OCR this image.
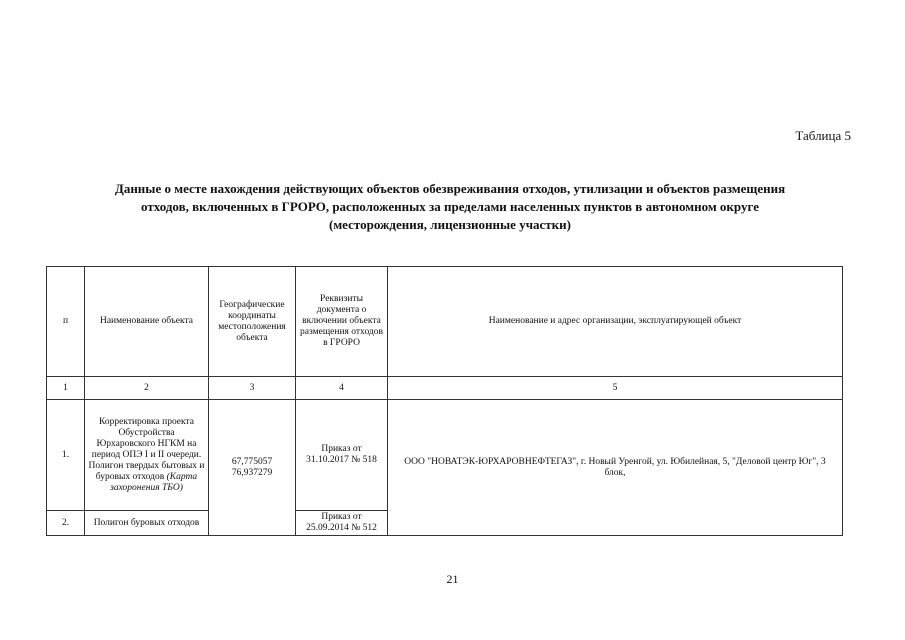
Таблица 5
Данные о месте нахождения действующих объектов обезвреживания отходов, утилизации и объектов размещения
отходов, включенных в ГРОРО, расположенных за пределами населенных пунктов в автономном округе
(месторождения, лицензионные участки)
п	Наименование объекта	Географические координаты местоположения объекта	Реквизиты документа о включении объекта размещения отходов в ГРОРО	Наименование и адрес организации, эксплуатирующей объект
1	2	3	4	5
1.	Корректировка проекта Обустройства Юрхаровского НГКМ на период ОПЭ I и II очереди. Полигон твердых бытовых и буровых отходов (Карта захоронения ТБО)	67,775057 76,937279	Приказ от 31.10.2017 № 518	ООО "НОВАТЭК-ЮРХАРОВНЕФТЕГАЗ", г. Новый Уренгой, ул. Юбилейная, 5, "Деловой центр Юг", 3 блок,
2.	Полигон буровых отходов		Приказ от 25.09.2014 № 512	
21
